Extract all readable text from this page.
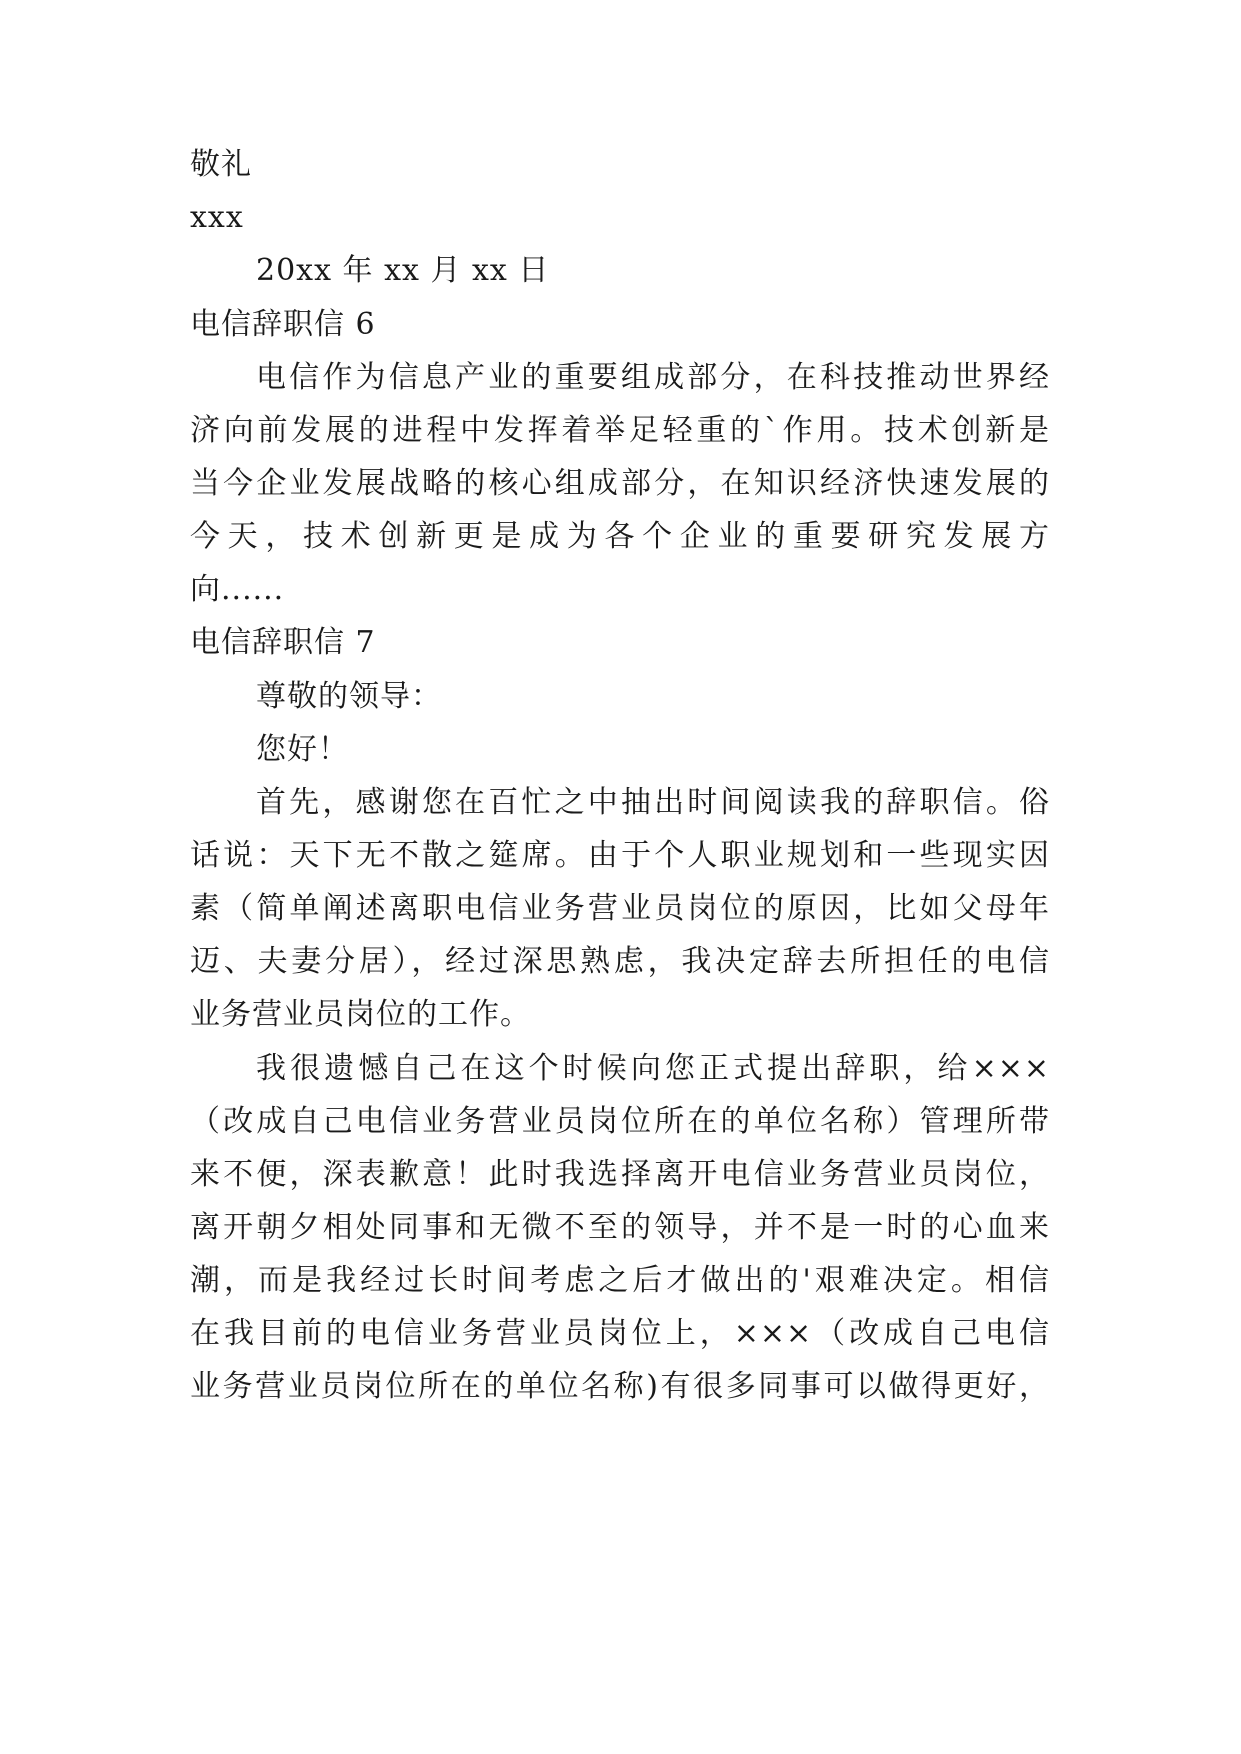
敬礼
xxx
20xx 年 xx 月 xx 日
电信辞职信 6
电信作为信息产业的重要组成部分，在科技推动世界经
济向前发展的进程中发挥着举足轻重的`作用。技术创新是
当今企业发展战略的核心组成部分，在知识经济快速发展的
今天，技术创新更是成为各个企业的重要研究发展方
向......
电信辞职信 7
尊敬的领导：
您好！
首先，感谢您在百忙之中抽出时间阅读我的辞职信。俗
话说：天下无不散之筵席。由于个人职业规划和一些现实因
素（简单阐述离职电信业务营业员岗位的原因，比如父母年
迈、夫妻分居），经过深思熟虑，我决定辞去所担任的电信
业务营业员岗位的工作。
我很遗憾自己在这个时候向您正式提出辞职，给×××
（改成自己电信业务营业员岗位所在的单位名称）管理所带
来不便，深表歉意！此时我选择离开电信业务营业员岗位，
离开朝夕相处同事和无微不至的领导，并不是一时的心血来
潮，而是我经过长时间考虑之后才做出的'艰难决定。相信
在我目前的电信业务营业员岗位上，×××（改成自己电信
业务营业员岗位所在的单位名称)有很多同事可以做得更好，
